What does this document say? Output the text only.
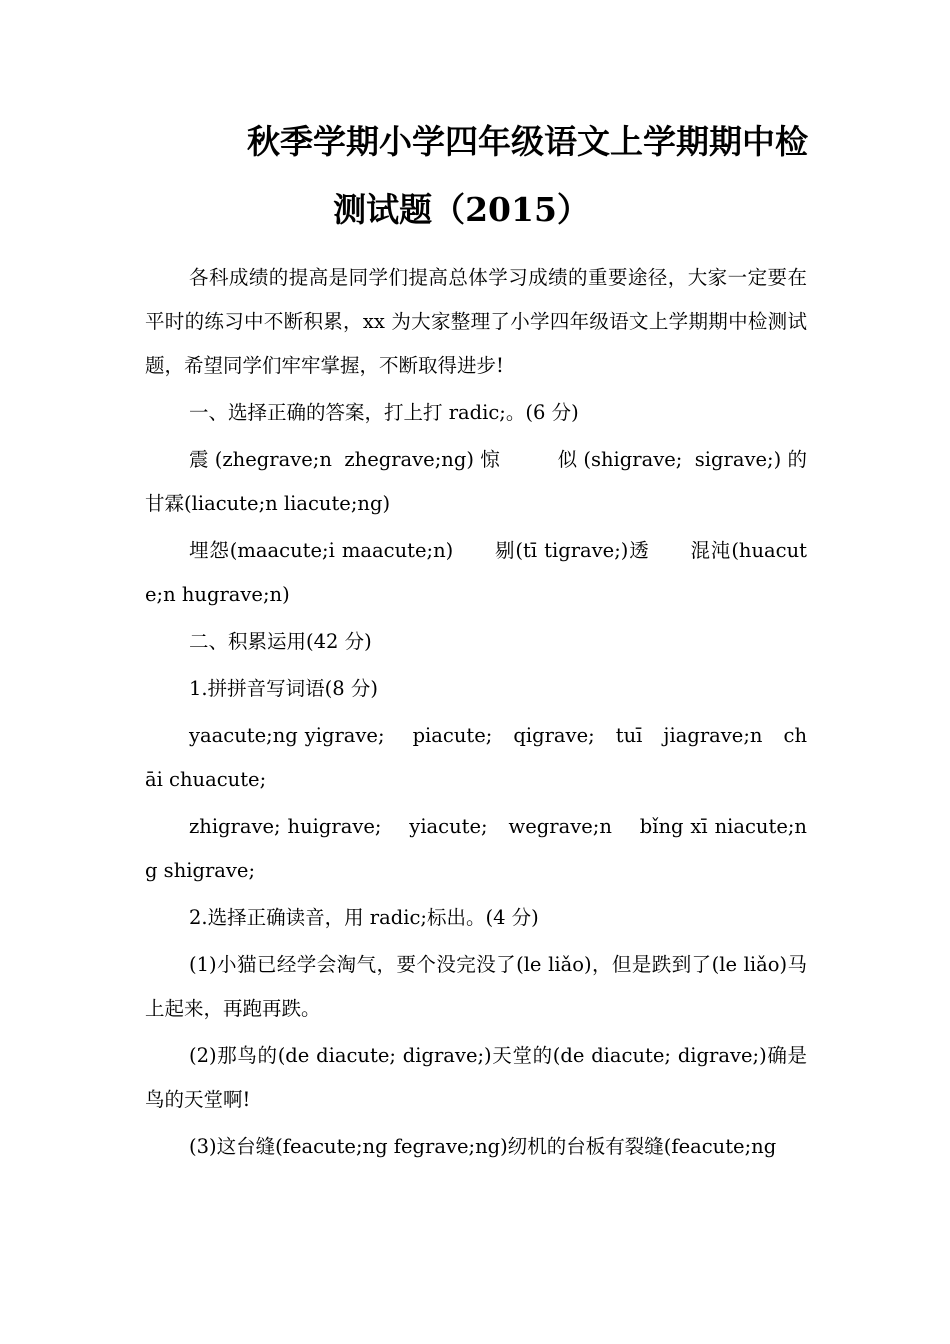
秋季学期小学四年级语文上学期期中检
测试题（2015）

各科成绩的提高是同学们提高总体学习成绩的重要途径，大家一定要在平时的练习中不断积累，xx 为大家整理了小学四年级语文上学期期中检测试题，希望同学们牢牢掌握，不断取得进步!

一、选择正确的答案，打上打 radic;。(6 分)

震(zhegrave;n zhegrave;ng)惊　　似(shigrave; sigrave;)的　　甘霖(liacute;n liacute;ng)

埋怨(maacute;i maacute;n)　　剔(tī tigrave;)透　　混沌(huacute;n hugrave;n)

二、积累运用(42 分)

1.拼拼音写词语(8 分)

yaacute;ng yigrave;　 piacute;　qigrave;　tuī　jiagrave;n　chāi chuacute;

zhigrave; huigrave;　 yiacute;　wegrave;n　 bǐng xī niacute;ng shigrave;

2.选择正确读音，用 radic;标出。(4 分)

(1)小猫已经学会淘气，要个没完没了(le liǎo)，但是跌到了(le liǎo)马上起来，再跑再跌。

(2)那鸟的(de diacute; digrave;)天堂的(de diacute; digrave;)确是鸟的天堂啊!

(3)这台缝(feacute;ng fegrave;ng)纫机的台板有裂缝(feacute;ng
